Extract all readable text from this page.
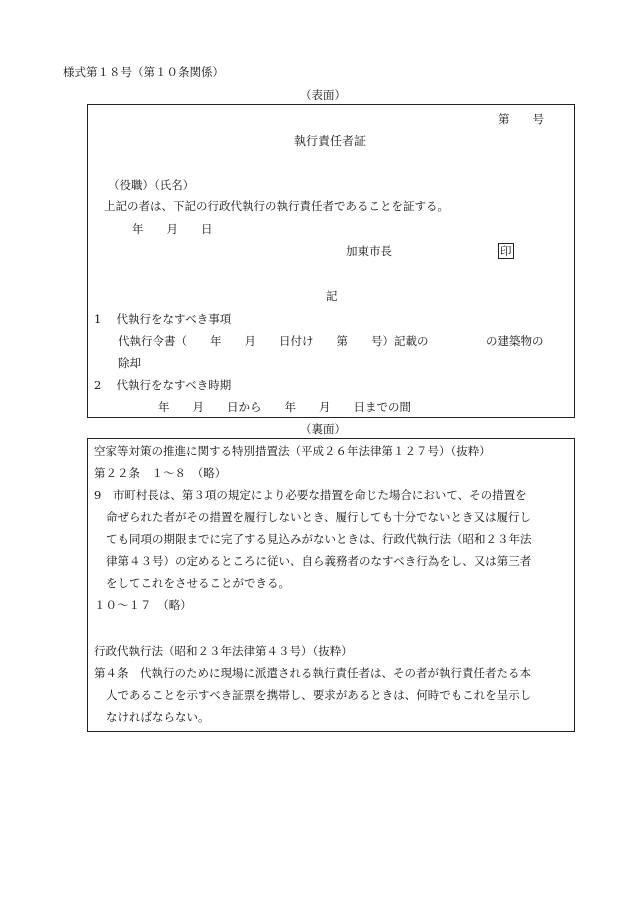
様式第１８号（第１０条関係）
（表面）
第　　号
執行責任者証
（役職）（氏名）
上記の者は、下記の行政代執行の執行責任者であることを証する。
年　　月　　日
加東市長	印
記
1　 代執行をなすべき事項
代執行令書（　　年　　月　　日付け　　第　　号）記載の　　　　　の建築物の
除却
2　 代執行をなすべき時期
年　　月　　日から　　年　　月　　日までの間
（裏面）
空家等対策の推進に関する特別措置法（平成２６年法律第１２７号）（抜粋）
第２２条　１～８　（略）
9　市町村長は、第３項の規定により必要な措置を命じた場合において、その措置を
命ぜられた者がその措置を履行しないとき、履行しても十分でないとき又は履行し
ても同項の期限までに完了する見込みがないときは、行政代執行法（昭和２３年法
律第４３号）の定めるところに従い、自ら義務者のなすべき行為をし、又は第三者
をしてこれをさせることができる。
１０～１７　（略）
行政代執行法（昭和２３年法律第４３号）（抜粋）
第４条　代執行のために現場に派遣される執行責任者は、その者が執行責任者たる本
人であることを示すべき証票を携帯し、要求があるときは、何時でもこれを呈示し
なければならない。
